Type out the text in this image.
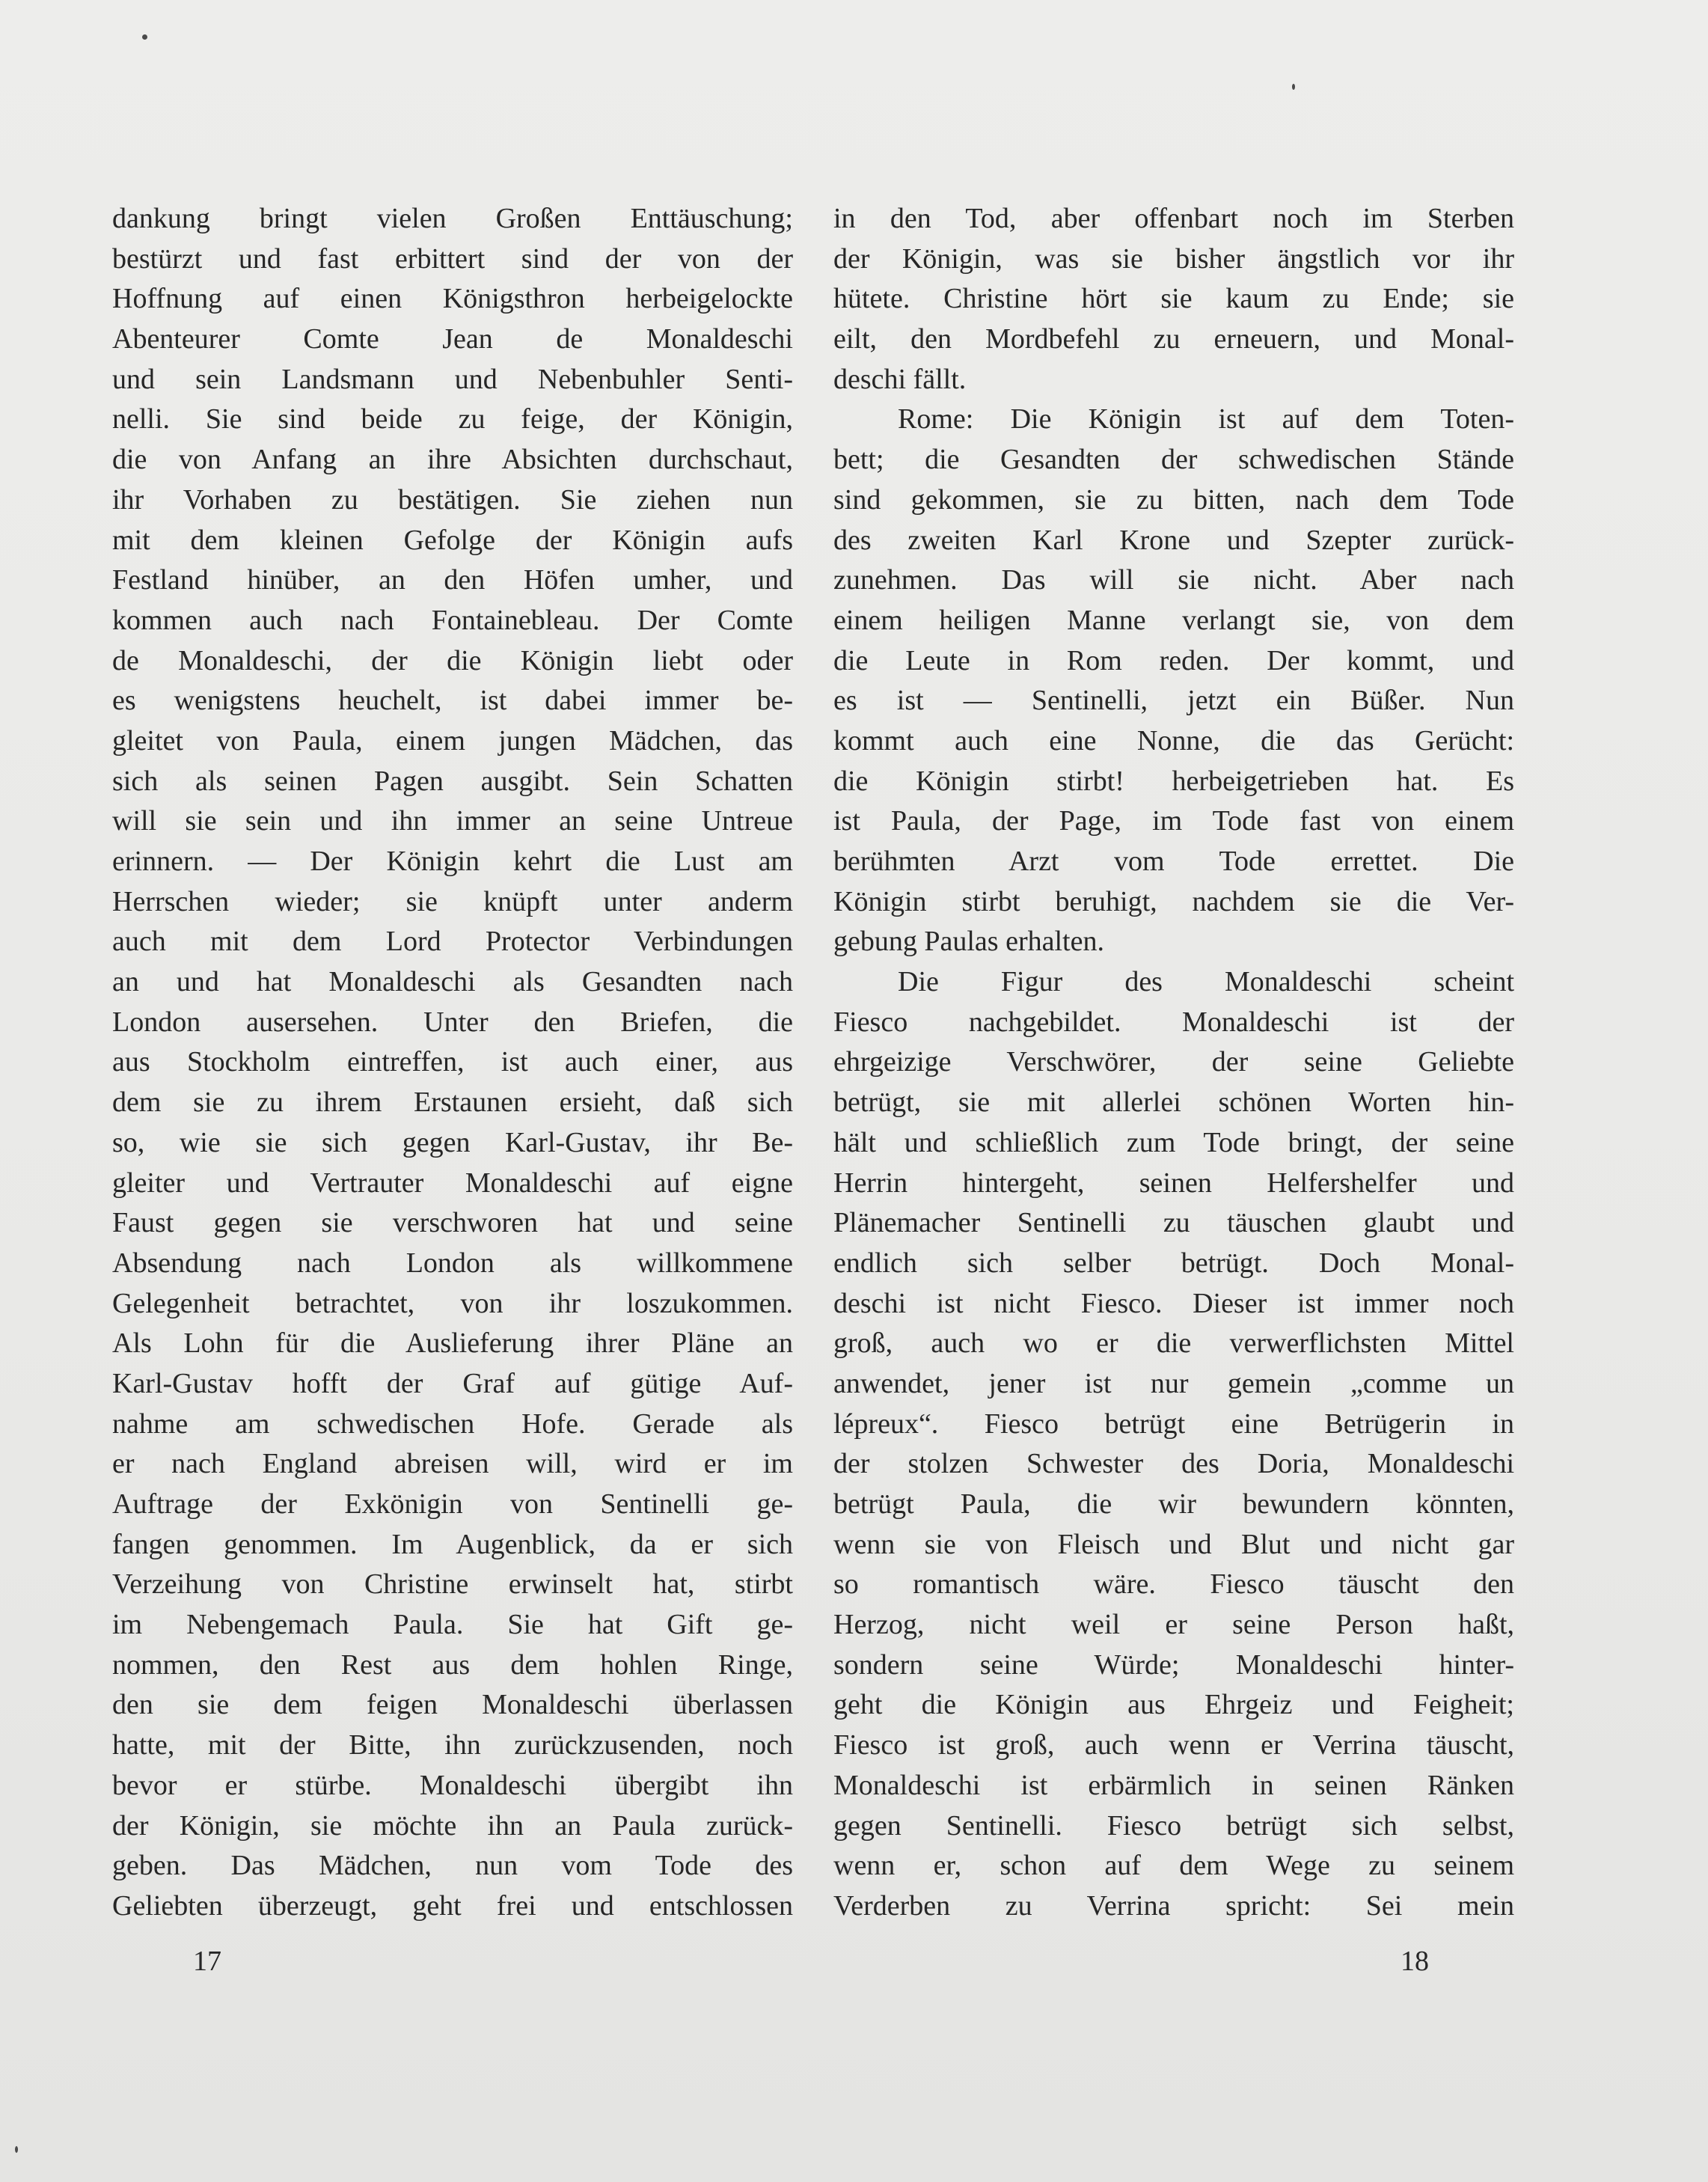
dankung bringt vielen Großen Enttäuschung;
bestürzt und fast erbittert sind der von der
Hoffnung auf einen Königsthron herbeigelockte
Abenteurer Comte Jean de Monaldeschi
und sein Landsmann und Nebenbuhler Senti-
nelli. Sie sind beide zu feige, der Königin,
die von Anfang an ihre Absichten durchschaut,
ihr Vorhaben zu bestätigen. Sie ziehen nun
mit dem kleinen Gefolge der Königin aufs
Festland hinüber, an den Höfen umher, und
kommen auch nach Fontainebleau. Der Comte
de Monaldeschi, der die Königin liebt oder
es wenigstens heuchelt, ist dabei immer be-
gleitet von Paula, einem jungen Mädchen, das
sich als seinen Pagen ausgibt. Sein Schatten
will sie sein und ihn immer an seine Untreue
erinnern. — Der Königin kehrt die Lust am
Herrschen wieder; sie knüpft unter anderm
auch mit dem Lord Protector Verbindungen
an und hat Monaldeschi als Gesandten nach
London ausersehen. Unter den Briefen, die
aus Stockholm eintreffen, ist auch einer, aus
dem sie zu ihrem Erstaunen ersieht, daß sich
so, wie sie sich gegen Karl-Gustav, ihr Be-
gleiter und Vertrauter Monaldeschi auf eigne
Faust gegen sie verschworen hat und seine
Absendung nach London als willkommene
Gelegenheit betrachtet, von ihr loszukommen.
Als Lohn für die Auslieferung ihrer Pläne an
Karl-Gustav hofft der Graf auf gütige Auf-
nahme am schwedischen Hofe. Gerade als
er nach England abreisen will, wird er im
Auftrage der Exkönigin von Sentinelli ge-
fangen genommen. Im Augenblick, da er sich
Verzeihung von Christine erwinselt hat, stirbt
im Nebengemach Paula. Sie hat Gift ge-
nommen, den Rest aus dem hohlen Ringe,
den sie dem feigen Monaldeschi überlassen
hatte, mit der Bitte, ihn zurückzusenden, noch
bevor er stürbe. Monaldeschi übergibt ihn
der Königin, sie möchte ihn an Paula zurück-
geben. Das Mädchen, nun vom Tode des
Geliebten überzeugt, geht frei und entschlossen
in den Tod, aber offenbart noch im Sterben
der Königin, was sie bisher ängstlich vor ihr
hütete. Christine hört sie kaum zu Ende; sie
eilt, den Mordbefehl zu erneuern, und Monal-
deschi fällt.
Rome: Die Königin ist auf dem Toten-
bett; die Gesandten der schwedischen Stände
sind gekommen, sie zu bitten, nach dem Tode
des zweiten Karl Krone und Szepter zurück-
zunehmen. Das will sie nicht. Aber nach
einem heiligen Manne verlangt sie, von dem
die Leute in Rom reden. Der kommt, und
es ist — Sentinelli, jetzt ein Büßer. Nun
kommt auch eine Nonne, die das Gerücht:
die Königin stirbt! herbeigetrieben hat. Es
ist Paula, der Page, im Tode fast von einem
berühmten Arzt vom Tode errettet. Die
Königin stirbt beruhigt, nachdem sie die Ver-
gebung Paulas erhalten.
Die Figur des Monaldeschi scheint
Fiesco nachgebildet. Monaldeschi ist der
ehrgeizige Verschwörer, der seine Geliebte
betrügt, sie mit allerlei schönen Worten hin-
hält und schließlich zum Tode bringt, der seine
Herrin hintergeht, seinen Helfershelfer und
Plänemacher Sentinelli zu täuschen glaubt und
endlich sich selber betrügt. Doch Monal-
deschi ist nicht Fiesco. Dieser ist immer noch
groß, auch wo er die verwerflichsten Mittel
anwendet, jener ist nur gemein „comme un
lépreux“. Fiesco betrügt eine Betrügerin in
der stolzen Schwester des Doria, Monaldeschi
betrügt Paula, die wir bewundern könnten,
wenn sie von Fleisch und Blut und nicht gar
so romantisch wäre. Fiesco täuscht den
Herzog, nicht weil er seine Person haßt,
sondern seine Würde; Monaldeschi hinter-
geht die Königin aus Ehrgeiz und Feigheit;
Fiesco ist groß, auch wenn er Verrina täuscht,
Monaldeschi ist erbärmlich in seinen Ränken
gegen Sentinelli. Fiesco betrügt sich selbst,
wenn er, schon auf dem Wege zu seinem
Verderben zu Verrina spricht: Sei mein
17	18
